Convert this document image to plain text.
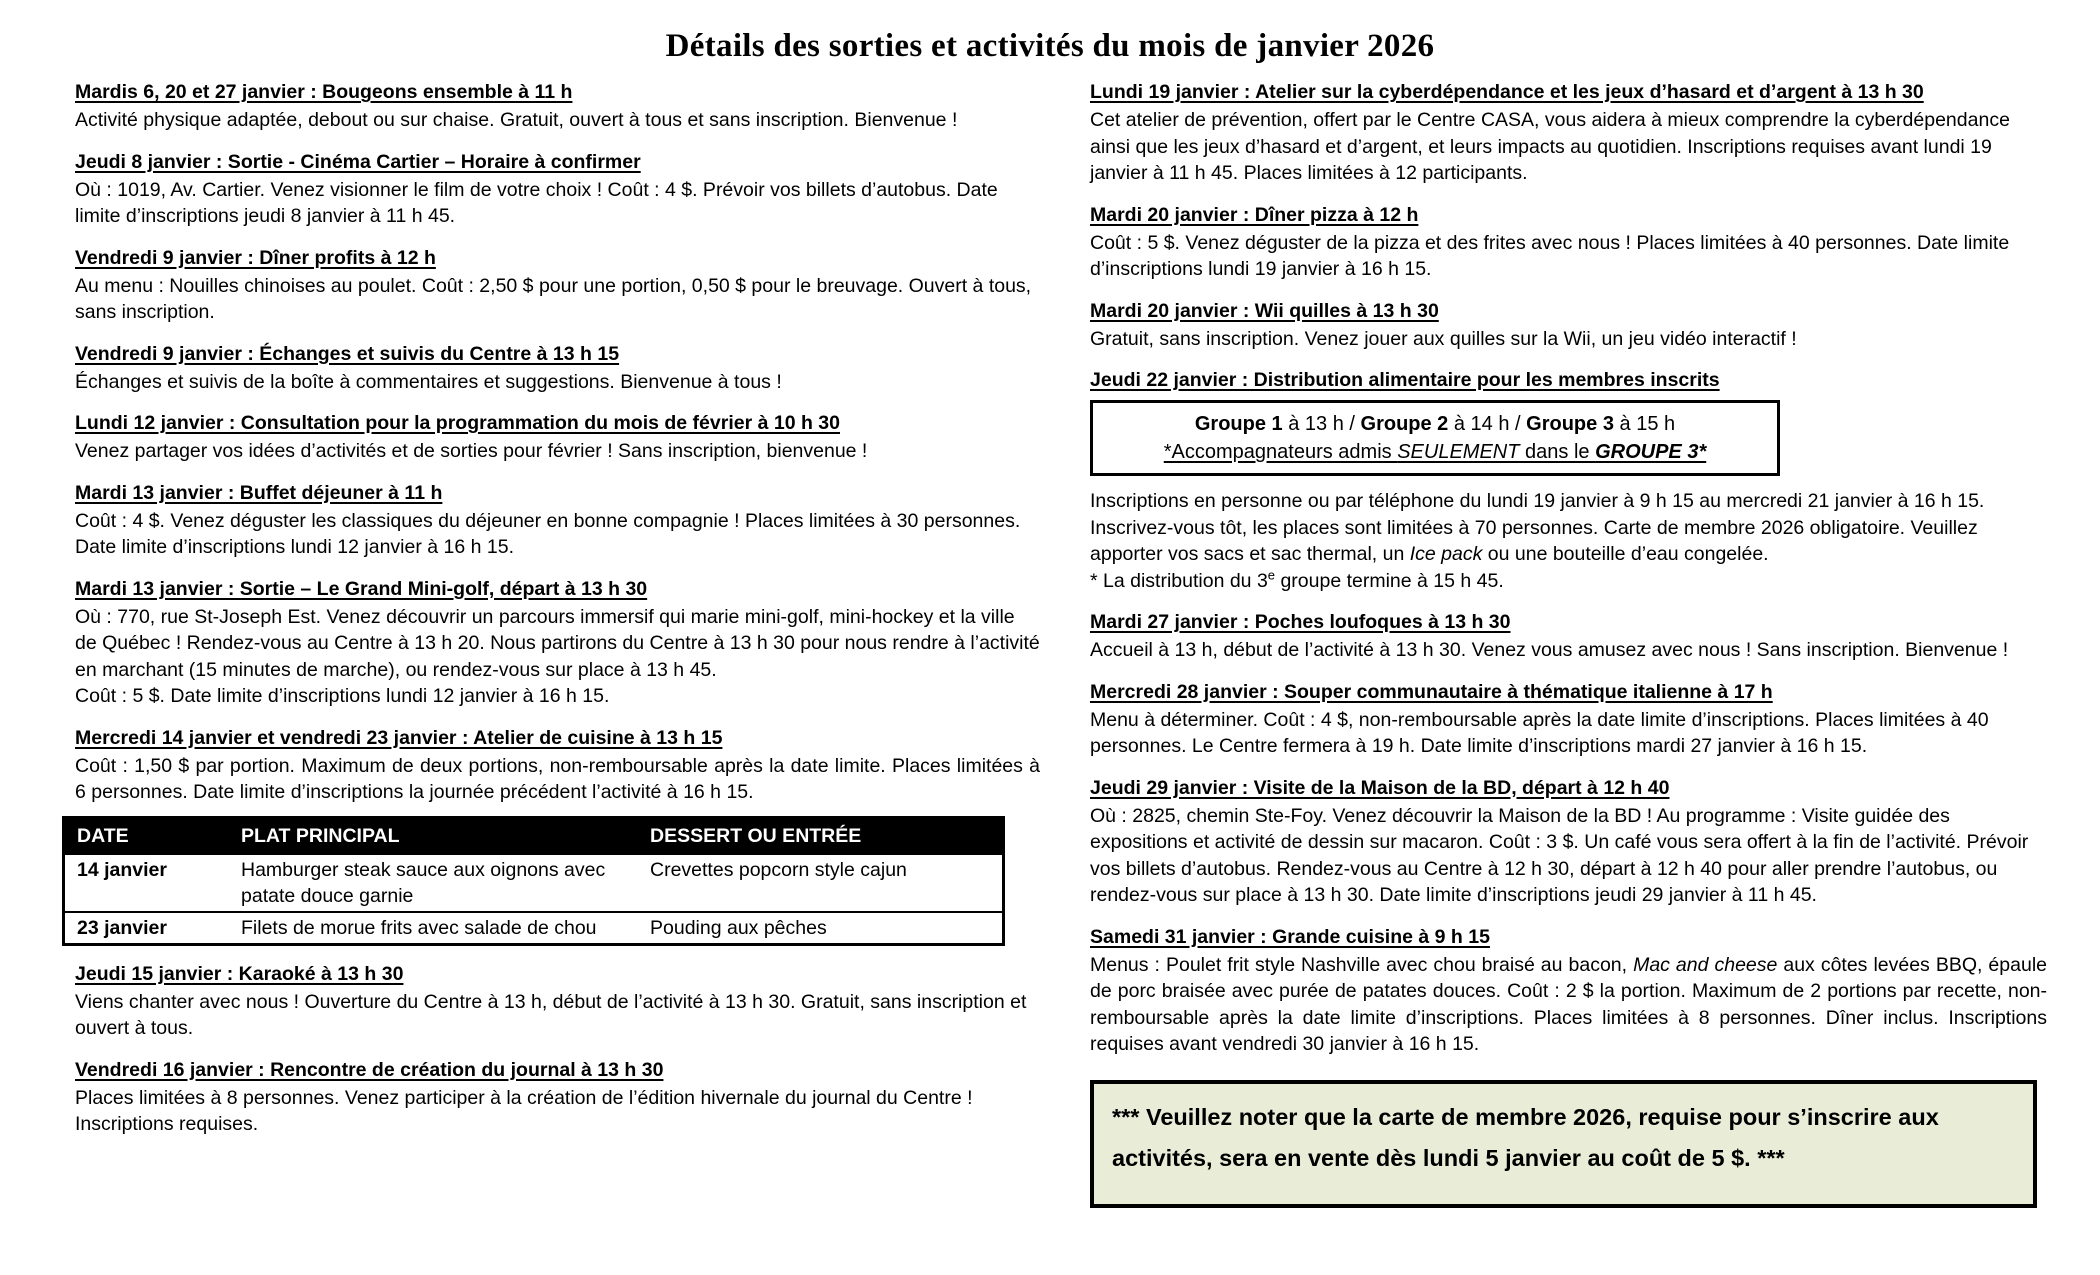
Détails des sorties et activités du mois de janvier 2026
Mardis 6, 20 et 27 janvier : Bougeons ensemble à 11 h

Activité physique adaptée, debout ou sur chaise. Gratuit, ouvert à tous et sans inscription. Bienvenue !

Jeudi 8 janvier : Sortie - Cinéma Cartier – Horaire à confirmer

Où : 1019, Av. Cartier. Venez visionner le film de votre choix ! Coût : 4 $. Prévoir vos billets d’autobus. Date limite d’inscriptions jeudi 8 janvier à 11 h 45.

Vendredi 9 janvier : Dîner profits à 12 h

Au menu : Nouilles chinoises au poulet. Coût : 2,50 $ pour une portion, 0,50 $ pour le breuvage. Ouvert à tous, sans inscription.

Vendredi 9 janvier : Échanges et suivis du Centre à 13 h 15

Échanges et suivis de la boîte à commentaires et suggestions. Bienvenue à tous !

Lundi 12 janvier : Consultation pour la programmation du mois de février à 10 h 30

Venez partager vos idées d’activités et de sorties pour février ! Sans inscription, bienvenue !

Mardi 13 janvier : Buffet déjeuner à 11 h

Coût : 4 $. Venez déguster les classiques du déjeuner en bonne compagnie ! Places limitées à 30 personnes. Date limite d’inscriptions lundi 12 janvier à 16 h 15.

Mardi 13 janvier : Sortie – Le Grand Mini-golf, départ à 13 h 30

Où : 770, rue St-Joseph Est. Venez découvrir un parcours immersif qui marie mini-golf, mini-hockey et la ville de Québec ! Rendez-vous au Centre à 13 h 20. Nous partirons du Centre à 13 h 30 pour nous rendre à l’activité en marchant (15 minutes de marche), ou rendez-vous sur place à 13 h 45.

Coût : 5 $. Date limite d’inscriptions lundi 12 janvier à 16 h 15.

Mercredi 14 janvier et vendredi 23 janvier : Atelier de cuisine à 13 h 15

Coût : 1,50 $ par portion. Maximum de deux portions, non-remboursable après la date limite. Places limitées à 6 personnes. Date limite d’inscriptions la journée précédent l’activité à 16 h 15.

DATE	PLAT PRINCIPAL	DESSERT OU ENTRÉE
14 janvier	Hamburger steak sauce aux oignons avec patate douce garnie	Crevettes popcorn style cajun
23 janvier	Filets de morue frits avec salade de chou	Pouding aux pêches
Jeudi 15 janvier : Karaoké à 13 h 30

Viens chanter avec nous ! Ouverture du Centre à 13 h, début de l’activité à 13 h 30. Gratuit, sans inscription et ouvert à tous.

Vendredi 16 janvier : Rencontre de création du journal à 13 h 30

Places limitées à 8 personnes. Venez participer à la création de l’édition hivernale du journal du Centre ! Inscriptions requises.

Lundi 19 janvier : Atelier sur la cyberdépendance et les jeux d’hasard et d’argent à 13 h 30

Cet atelier de prévention, offert par le Centre CASA, vous aidera à mieux comprendre la cyberdépendance ainsi que les jeux d’hasard et d’argent, et leurs impacts au quotidien. Inscriptions requises avant lundi 19 janvier à 11 h 45. Places limitées à 12 participants.

Mardi 20 janvier : Dîner pizza à 12 h

Coût : 5 $. Venez déguster de la pizza et des frites avec nous ! Places limitées à 40 personnes. Date limite d’inscriptions lundi 19 janvier à 16 h 15.

Mardi 20 janvier : Wii quilles à 13 h 30

Gratuit, sans inscription. Venez jouer aux quilles sur la Wii, un jeu vidéo interactif !

Jeudi 22 janvier : Distribution alimentaire pour les membres inscrits
Groupe 1 à 13 h / Groupe 2 à 14 h / Groupe 3 à 15 h
*Accompagnateurs admis SEULEMENT dans le GROUPE 3*

Inscriptions en personne ou par téléphone du lundi 19 janvier à 9 h 15 au mercredi 21 janvier à 16 h 15. Inscrivez-vous tôt, les places sont limitées à 70 personnes. Carte de membre 2026 obligatoire. Veuillez apporter vos sacs et sac thermal, un Ice pack ou une bouteille d’eau congelée.

* La distribution du 3e groupe termine à 15 h 45.

Mardi 27 janvier : Poches loufoques à 13 h 30

Accueil à 13 h, début de l’activité à 13 h 30. Venez vous amusez avec nous ! Sans inscription. Bienvenue !

Mercredi 28 janvier : Souper communautaire à thématique italienne à 17 h

Menu à déterminer. Coût : 4 $, non-remboursable après la date limite d’inscriptions. Places limitées à 40 personnes. Le Centre fermera à 19 h. Date limite d’inscriptions mardi 27 janvier à 16 h 15.

Jeudi 29 janvier : Visite de la Maison de la BD, départ à 12 h 40

Où : 2825, chemin Ste-Foy. Venez découvrir la Maison de la BD ! Au programme : Visite guidée des expositions et activité de dessin sur macaron. Coût : 3 $. Un café vous sera offert à la fin de l’activité. Prévoir vos billets d’autobus. Rendez-vous au Centre à 12 h 30, départ à 12 h 40 pour aller prendre l’autobus, ou rendez-vous sur place à 13 h 30. Date limite d’inscriptions jeudi 29 janvier à 11 h 45.

Samedi 31 janvier : Grande cuisine à 9 h 15

Menus : Poulet frit style Nashville avec chou braisé au bacon, Mac and cheese aux côtes levées BBQ, épaule de porc braisée avec purée de patates douces. Coût : 2 $ la portion. Maximum de 2 portions par recette, non-remboursable après la date limite d’inscriptions. Places limitées à 8 personnes. Dîner inclus. Inscriptions requises avant vendredi 30 janvier à 16 h 15.

*** Veuillez noter que la carte de membre 2026, requise pour s’inscrire aux activités, sera en vente dès lundi 5 janvier au coût de 5 $. ***
